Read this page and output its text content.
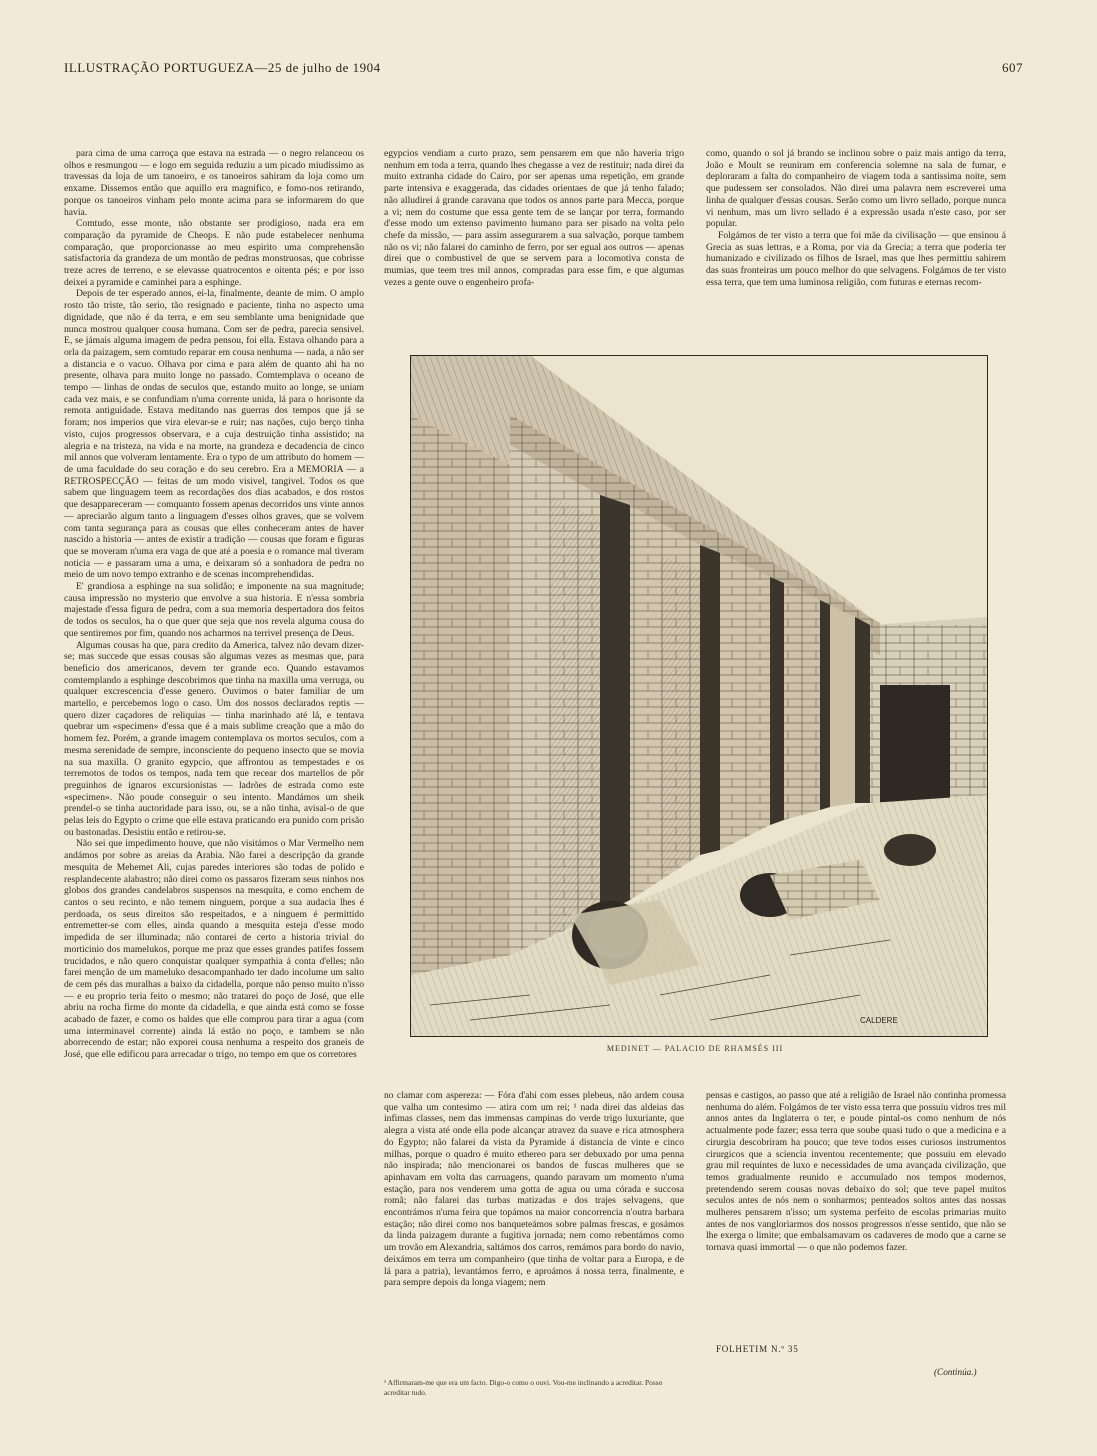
ILLUSTRAÇÃO PORTUGUEZA—25 de julho de 1904	607

para cima de uma carroça que estava na estrada — o negro relanceou os olhos e resmungou — e logo em seguida reduziu a um picado miudissimo as travessas da loja de um tanoeiro, e os tanoeiros sahiram da loja como um enxame. Dissemos então que aquillo era magnifico, e fomo-nos retirando, porque os tanoeiros vinham pelo monte acima para se informarem do que havia.

Comtudo, esse monte, não obstante ser prodigioso, nada era em comparação da pyramide de Cheops. E não pude estabelecer nenhuma comparação, que proporcionasse ao meu espirito uma comprehensão satisfactoria da grandeza de um montão de pedras monstruosas, que cobrisse treze acres de terreno, e se elevasse quatrocentos e oitenta pés; e por isso deixei a pyramide e caminhei para a esphinge.

Depois de ter esperado annos, ei-la, finalmente, deante de mim. O amplo rosto tão triste, tão serio, tão resignado e paciente, tinha no aspecto uma dignidade, que não é da terra, e em seu semblante uma benignidade que nunca mostrou qualquer cousa humana. Com ser de pedra, parecia sensivel. E, se jámais alguma imagem de pedra pensou, foi ella. Estava olhando para a orla da paizagem, sem comtudo reparar em cousa nenhuma — nada, a não ser a distancia e o vacuo. Olhava por cima e para além de quanto ahi ha no presente, olhava para muito longe no passado. Comtemplava o oceano de tempo — linhas de ondas de seculos que, estando muito ao longe, se uniam cada vez mais, e se confundiam n'uma corrente unida, lá para o horisonte da remota antiguidade. Estava meditando nas guerras dos tempos que já se foram; nos imperios que vira elevar-se e ruir; nas nações, cujo berço tinha visto, cujos progressos observara, e a cuja destruição tinha assistido; na alegria e na tristeza, na vida e na morte, na grandeza e decadencia de cinco mil annos que volveram lentamente. Era o typo de um attributo do homem — de uma faculdade do seu coração e do seu cerebro. Era a MEMORIA — a RETROSPECÇÃO — feitas de um modo visivel, tangivel. Todos os que sabem que linguagem teem as recordações dos dias acabados, e dos rostos que desappareceram — comquanto fossem apenas decorridos uns vinte annos — apreciarão algum tanto a linguagem d'esses olhos graves, que se volvem com tanta segurança para as cousas que elles conheceram antes de haver nascido a historia — antes de existir a tradição — cousas que foram e figuras que se moveram n'uma era vaga de que até a poesia e o romance mal tiveram noticia — e passaram uma a uma, e deixaram só a sonhadora de pedra no meio de um novo tempo extranho e de scenas incomprehendidas.

E' grandiosa a esphinge na sua solidão; e imponente na sua magnitude; causa impressão no mysterio que envolve a sua historia. E n'essa sombria majestade d'essa figura de pedra, com a sua memoria despertadora dos feitos de todos os seculos, ha o que quer que seja que nos revela alguma cousa do que sentiremos por fim, quando nos acharmos na terrivel presença de Deus.

Algumas cousas ha que, para credito da America, talvez não devam dizer-se; mas succede que essas cousas são algumas vezes as mesmas que, para beneficio dos americanos, devem ter grande eco. Quando estavamos comtemplando a esphinge descobrimos que tinha na maxilla uma verruga, ou qualquer excrescencia d'esse genero. Ouvimos o bater familiar de um martello, e percebemos logo o caso. Um dos nossos declarados reptis — quero dizer caçadores de reliquias — tinha marinhado até lá, e tentava quebrar um «specimen» d'essa que é a mais sublime creação que a mão do homem fez. Porém, a grande imagem contemplava os mortos seculos, com a mesma serenidade de sempre, inconsciente do pequeno insecto que se movia na sua maxilla. O granito egypcio, que affrontou as tempestades e os terremotos de todos os tempos, nada tem que recear dos martellos de pôr preguinhos de ignaros excursionistas — ladrões de estrada como este «specimen». Não poude conseguir o seu intento. Mandámos um sheik prendel-o se tinha auctoridade para isso, ou, se a não tinha, avisal-o de que pelas leis do Egypto o crime que elle estava praticando era punido com prisão ou bastonadas. Desistiu então e retirou-se.

Não sei que impedimento houve, que não visitámos o Mar Vermelho nem andámos por sobre as areias da Arabia. Não farei a descripção da grande mesquita de Mehemet Ali, cujas paredes interiores são todas de polido e resplandecente alabastro; não direi como os passaros fizeram seus ninhos nos globos dos grandes candelabros suspensos na mesquita, e como enchem de cantos o seu recinto, e não temem ninguem, porque a sua audacia lhes é perdoada, os seus direitos são respeitados, e a ninguem é permittido entremetter-se com elles, ainda quando a mesquita esteja d'esse modo impedida de ser illuminada; não contarei de certo a historia trivial do morticinio dos mamelukos, porque me praz que esses grandes patifes fossem trucidados, e não quero conquistar qualquer sympathia á conta d'elles; não farei menção de um mameluko desacompanhado ter dado incolume um salto de cem pés das muralhas a baixo da cidadella, porque não penso muito n'isso — e eu proprio teria feito o mesmo; não tratarei do poço de José, que elle abriu na rocha firme do monte da cidadella, e que ainda está como se fosse acabado de fazer, e como os baldes que elle comprou para tirar a agua (com uma interminavel corrente) ainda lá estão no poço, e tambem se não aborrecendo de estar; não exporei cousa nenhuma a respeito dos graneis de José, que elle edificou para arrecadar o trigo, no tempo em que os corretores

egypcios vendiam a curto prazo, sem pensarem em que não haveria trigo nenhum em toda a terra, quando lhes chegasse a vez de restituir; nada direi da muito extranha cidade do Cairo, por ser apenas uma repetição, em grande parte intensiva e exaggerada, das cidades orientaes de que já tenho falado; não alludirei á grande caravana que todos os annos parte para Mecca, porque a vi; nem do costume que essa gente tem de se lançar por terra, formando d'esse modo um extenso pavimento humano para ser pisado na volta pelo chefe da missão, — para assim assegurarem a sua salvação, porque tambem não os vi; não falarei do caminho de ferro, por ser egual aos outros — apenas direi que o combustivel de que se servem para a locomotiva consta de mumias, que teem tres mil annos, compradas para esse fim, e que algumas vezes a gente ouve o engenheiro profa-

como, quando o sol já brando se inclinou sobre o paiz mais antigo da terra, João e Moult se reuniram em conferencia solemne na sala de fumar, e deploraram a falta do companheiro de viagem toda a santissima noite, sem que pudessem ser consolados. Não direi uma palavra nem escreverei uma linha de qualquer d'essas cousas. Serão como um livro sellado, porque nunca vi nenhum, mas um livro sellado é a expressão usada n'este caso, por ser popular.

Folgámos de ter visto a terra que foi mãe da civilisação — que ensinou á Grecia as suas lettras, e a Roma, por via da Grecia; a terra que poderia ter humanizado e civilizado os filhos de Israel, mas que lhes permittiu sahirem das suas fronteiras um pouco melhor do que selvagens. Folgámos de ter visto essa terra, que tem uma luminosa religião, com futuras e eternas recom-

CALDERE
MEDINET — PALACIO DE RHAMSÉS III

no clamar com aspereza: — Fóra d'ahi com esses plebeus, não ardem cousa que valha um contesimo — atira com um rei; ¹ nada direi das aldeias das infimas classes, nem das immensas campinas do verde trigo luxuriante, que alegra a vista até onde ella pode alcançar atravez da suave e rica atmosphera do Egypto; não falarei da vista da Pyramide á distancia de vinte e cinco milhas, porque o quadro é muito ethereo para ser debuxado por uma penna não inspirada; não mencionarei os bandos de fuscas mulheres que se apinhavam em volta das carruagens, quando paravam um momento n'uma estação, para nos venderem uma gotta de agua ou uma córada e succosa romã; não falarei das turbas matizadas e dos trajes selvagens, que encontrámos n'uma feira que topámos na maior concorrencia n'outra barbara estação; não direi como nos banqueteámos sobre palmas frescas, e gosámos da linda paizagem durante a fugitiva jornada; nem como rebentámos como um trovão em Alexandria, saltámos dos carros, remámos para bordo do navio, deixámos em terra um companheiro (que tinha de voltar para a Europa, e de lá para a patria), levantámos ferro, e aproámos á nossa terra, finalmente, e para sempre depois da longa viagem; nem

pensas e castigos, ao passo que até a religião de Israel não continha promessa nenhuma do além. Folgámos de ter visto essa terra que possuiu vidros tres mil annos antes da Inglaterra o ter, e poude pintal-os como nenhum de nós actualmente pode fazer; essa terra que soube quasi tudo o que a medicina e a cirurgia descobriram ha pouco; que teve todos esses curiosos instrumentos cirurgicos que a sciencia inventou recentemente; que possuiu em elevado grau mil requintes de luxo e necessidades de uma avançada civilização, que temos gradualmente reunido e accumulado nos tempos modernos, pretendendo serem cousas novas debaixo do sol; que teve papel muitos seculos antes de nós nem o sonharmos; penteados soltos antes das nossas mulheres pensarem n'isso; um systema perfeito de escolas primarias muito antes de nos vangloriarmos dos nossos progressos n'esse sentido, que não se lhe exerga o limite; que embalsamavam os cadaveres de modo que a carne se tornava quasi immortal — o que não podemos fazer.

FOLHETIM N.º 35
(Continúa.)
¹ Affirmaram-me que era um facto. Digo-o como o ouvi. Vou-me inclinando a acreditar. Posso acreditar tudo.
